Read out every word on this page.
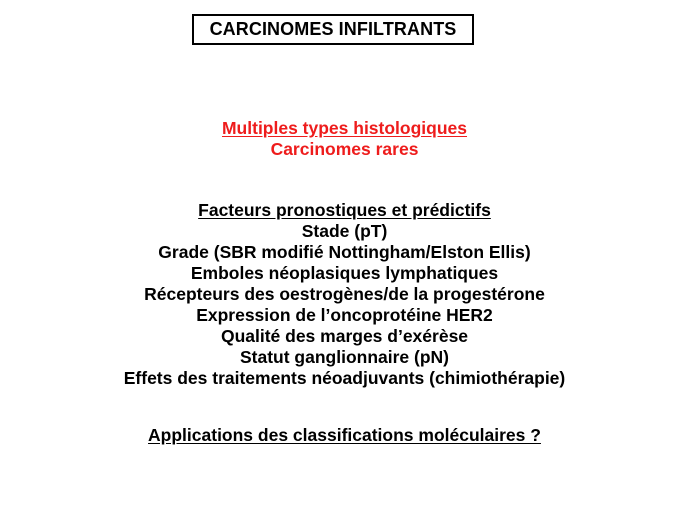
CARCINOMES INFILTRANTS
Multiples types histologiques
Carcinomes rares
Facteurs pronostiques et prédictifs
Stade (pT)
Grade (SBR modifié Nottingham/Elston Ellis)
Emboles néoplasiques lymphatiques
Récepteurs des oestrogènes/de la progestérone
Expression de l’oncoprotéine HER2
Qualité des marges d’exérèse
Statut ganglionnaire (pN)
Effets des traitements néoadjuvants (chimiothérapie)
Applications des classifications moléculaires ?
